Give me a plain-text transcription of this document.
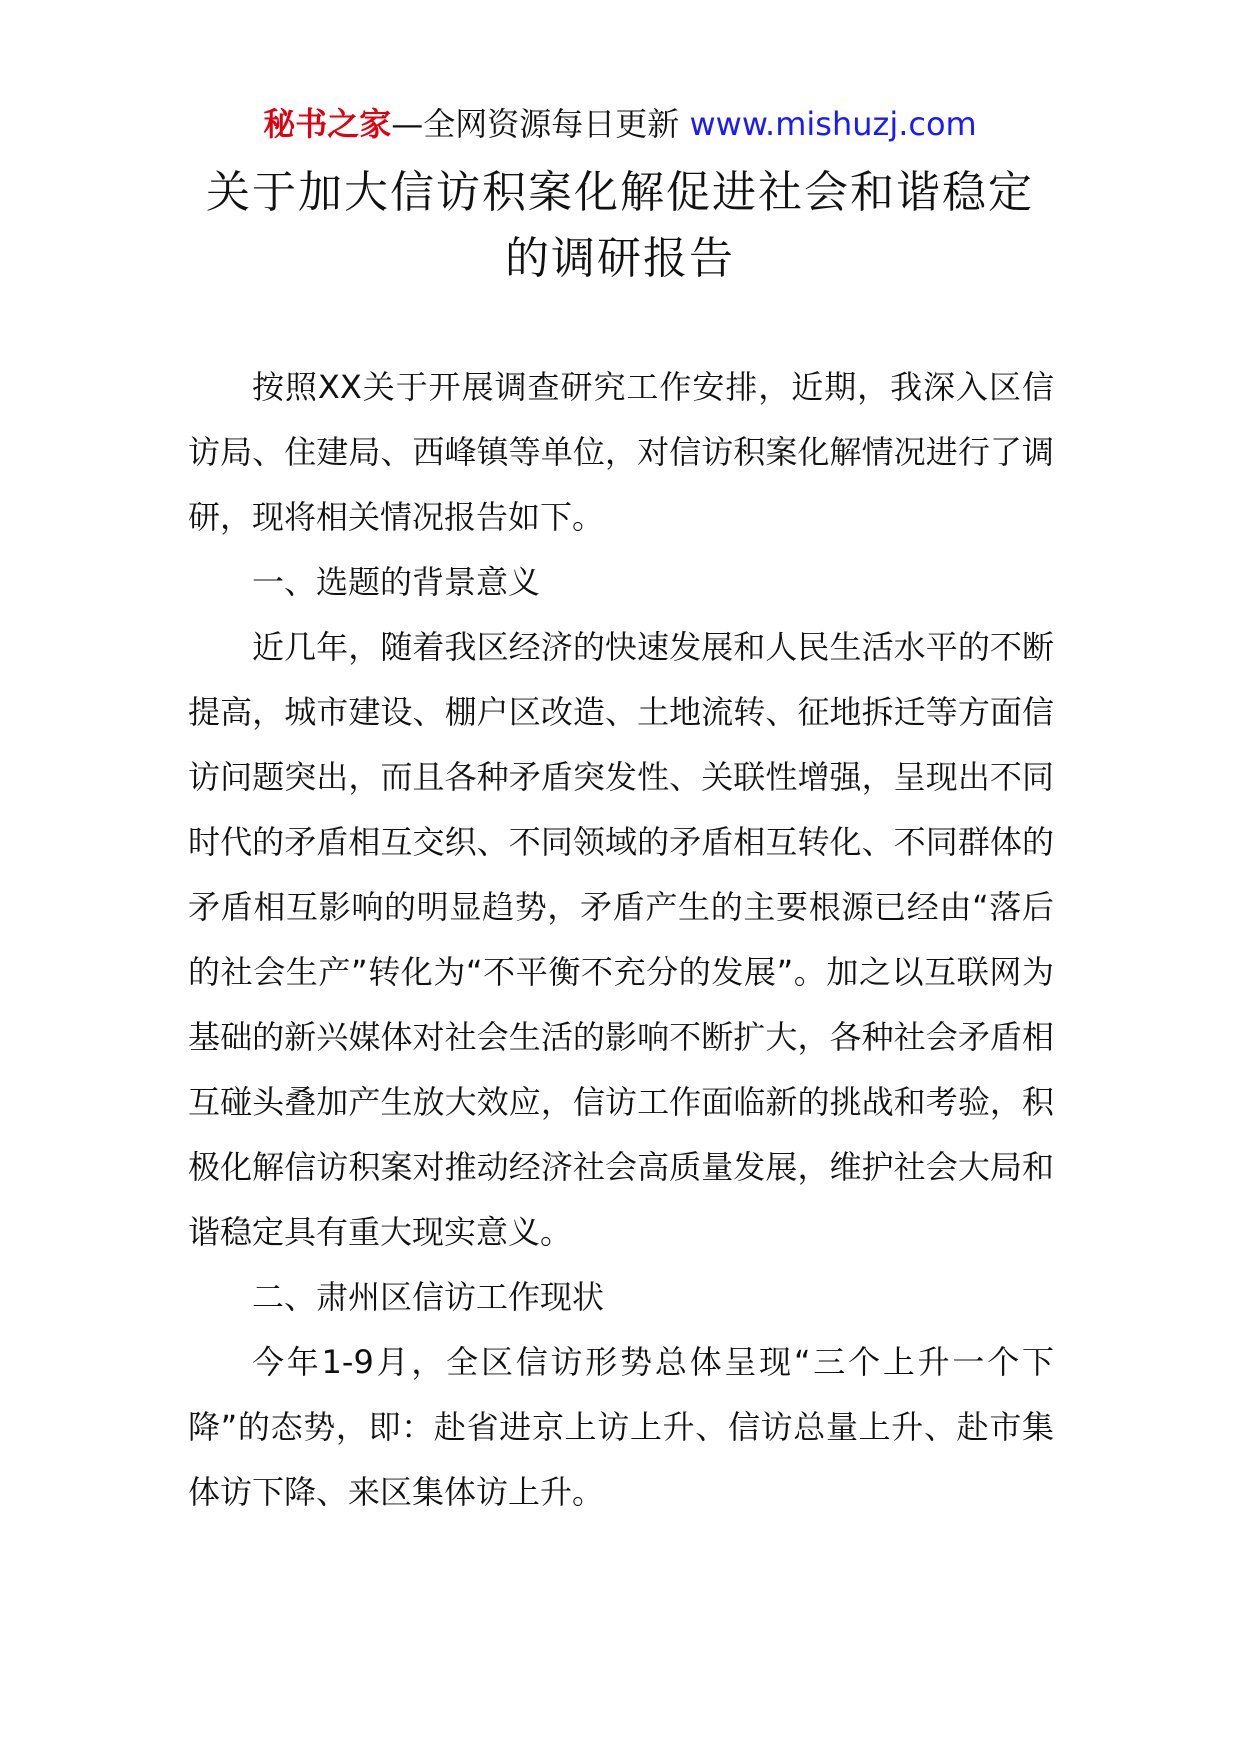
秘书之家—全网资源每日更新 www.mishuzj.com
关于加大信访积案化解促进社会和谐稳定
的调研报告

按照XX关于开展调查研究工作安排，近期，我深入区信访局、住建局、西峰镇等单位，对信访积案化解情况进行了调研，现将相关情况报告如下。

一、选题的背景意义

近几年，随着我区经济的快速发展和人民生活水平的不断提高，城市建设、棚户区改造、土地流转、征地拆迁等方面信访问题突出，而且各种矛盾突发性、关联性增强，呈现出不同时代的矛盾相互交织、不同领域的矛盾相互转化、不同群体的矛盾相互影响的明显趋势，矛盾产生的主要根源已经由“落后的社会生产”转化为“不平衡不充分的发展”。加之以互联网为基础的新兴媒体对社会生活的影响不断扩大，各种社会矛盾相互碰头叠加产生放大效应，信访工作面临新的挑战和考验，积极化解信访积案对推动经济社会高质量发展，维护社会大局和谐稳定具有重大现实意义。

二、肃州区信访工作现状

今年1-9月，全区信访形势总体呈现“三个上升一个下降”的态势，即：赴省进京上访上升、信访总量上升、赴市集体访下降、来区集体访上升。
